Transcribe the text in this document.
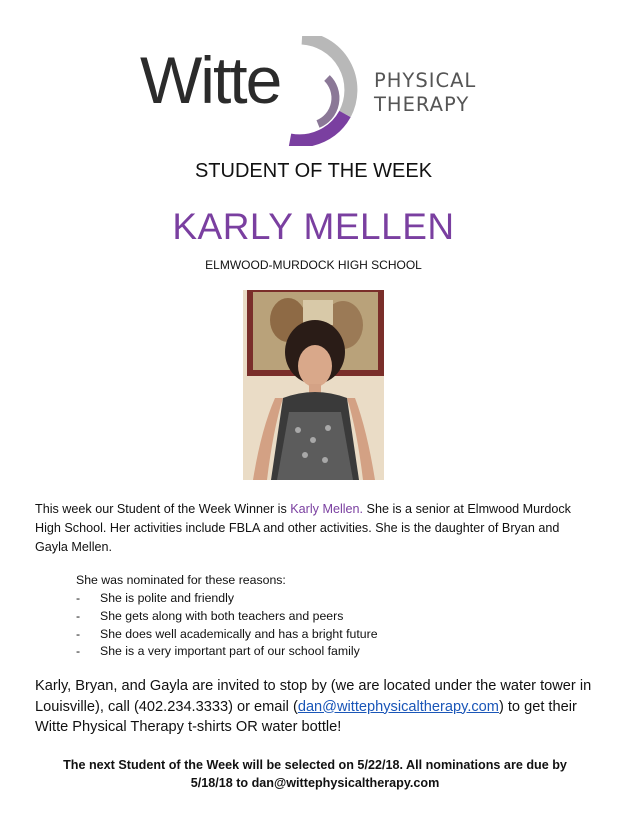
Witte	PHYSICAL
THERAPY
STUDENT OF THE WEEK
KARLY MELLEN
ELMWOOD-MURDOCK HIGH SCHOOL
This week our Student of the Week Winner is Karly Mellen. She is a senior at Elmwood Murdock High School. Her activities include FBLA and other activities. She is the daughter of Bryan and Gayla Mellen.
She was nominated for these reasons:
- She is polite and friendly
- She gets along with both teachers and peers
- She does well academically and has a bright future
- She is a very important part of our school family
Karly, Bryan, and Gayla are invited to stop by (we are located under the water tower in Louisville), call (402.234.3333) or email (dan@wittephysicaltherapy.com) to get their Witte Physical Therapy t-shirts OR water bottle!
The next Student of the Week will be selected on 5/22/18. All nominations are due by
5/18/18 to dan@wittephysicaltherapy.com
